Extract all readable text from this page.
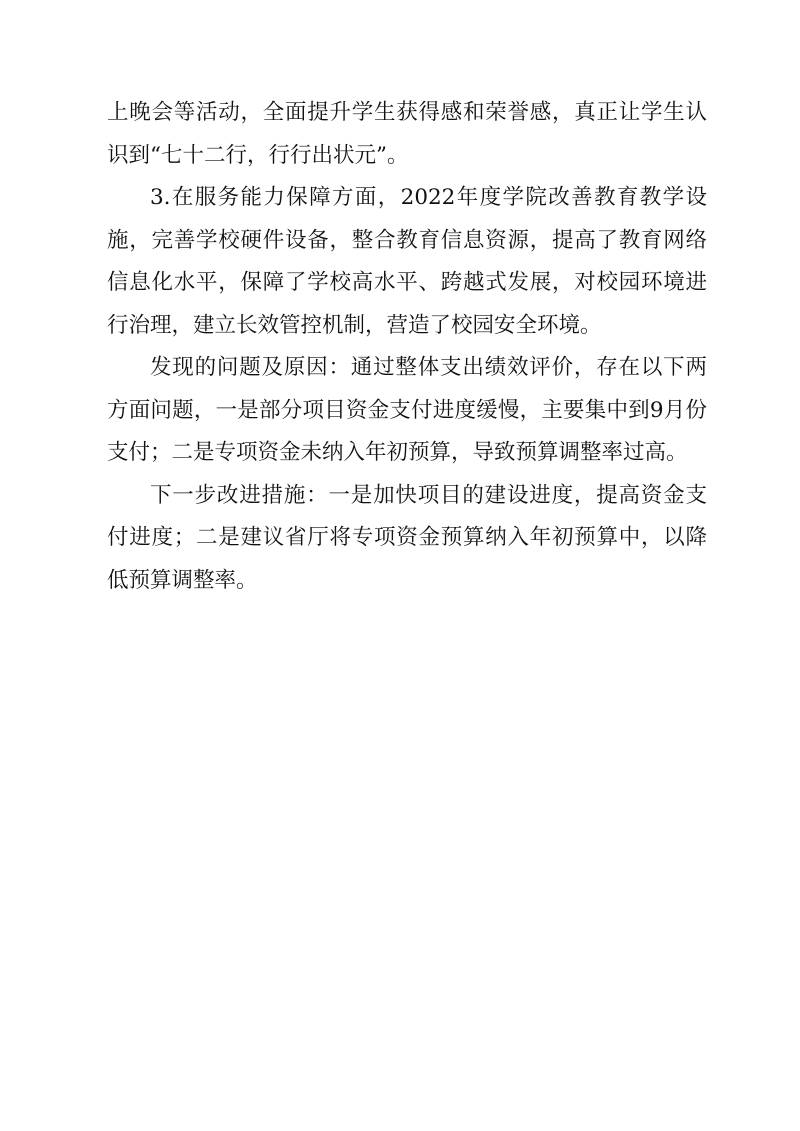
上晚会等活动，全面提升学生获得感和荣誉感，真正让学生认识到“七十二行，行行出状元”。

3.在服务能力保障方面，2022年度学院改善教育教学设施，完善学校硬件设备，整合教育信息资源，提高了教育网络信息化水平，保障了学校高水平、跨越式发展，对校园环境进行治理，建立长效管控机制，营造了校园安全环境。

发现的问题及原因：通过整体支出绩效评价，存在以下两方面问题，一是部分项目资金支付进度缓慢，主要集中到9月份支付；二是专项资金未纳入年初预算，导致预算调整率过高。

下一步改进措施：一是加快项目的建设进度，提高资金支付进度；二是建议省厅将专项资金预算纳入年初预算中，以降低预算调整率。
